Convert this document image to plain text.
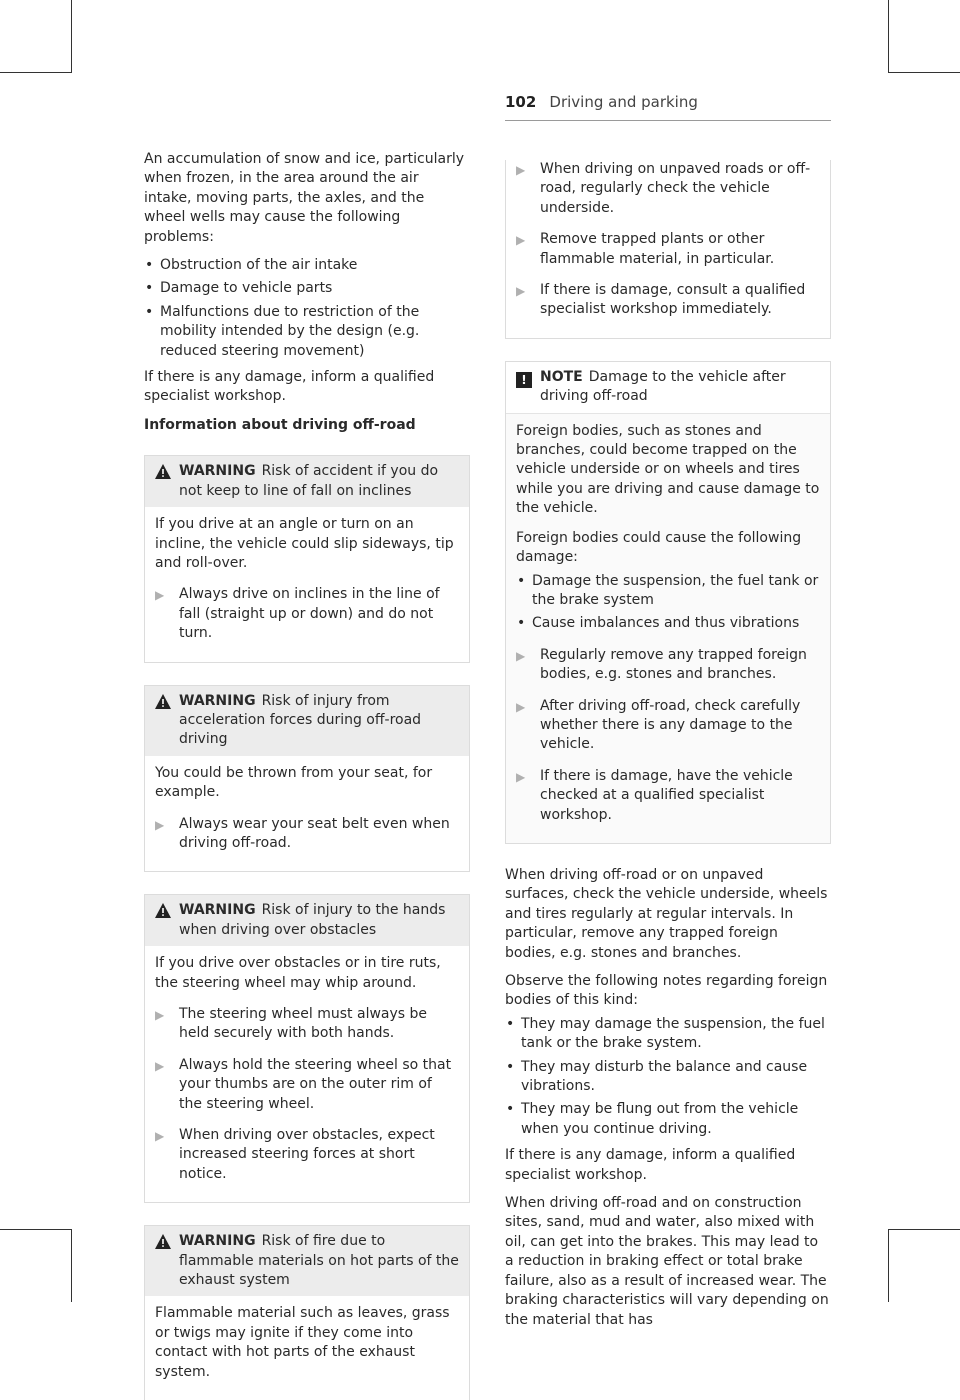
102 Driving and parking

An accumulation of snow and ice, particularly when frozen, in the area around the air intake, moving parts, the axles, and the wheel wells may cause the following problems:

• Obstruction of the air intake
• Damage to vehicle parts
• Malfunctions due to restriction of the mobility intended by the design (e.g. reduced steering movement)

If there is any damage, inform a qualified specialist workshop.

Information about driving off-road

WARNING Risk of accident if you do not keep to line of fall on inclines

If you drive at an angle or turn on an incline, the vehicle could slip sideways, tip and roll-over.

▶	Always drive on inclines in the line of fall (straight up or down) and do not turn.
WARNING Risk of injury from acceleration forces during off-road driving

You could be thrown from your seat, for example.

▶	Always wear your seat belt even when driving off-road.
WARNING Risk of injury to the hands when driving over obstacles

If you drive over obstacles or in tire ruts, the steering wheel may whip around.

▶	The steering wheel must always be held securely with both hands.
▶	Always hold the steering wheel so that your thumbs are on the outer rim of the steering wheel.
▶	When driving over obstacles, expect increased steering forces at short notice.
WARNING Risk of fire due to flammable materials on hot parts of the exhaust system

Flammable material such as leaves, grass or twigs may ignite if they come into contact with hot parts of the exhaust system.

▶	When driving on unpaved roads or off-road, regularly check the vehicle underside.
▶	Remove trapped plants or other flammable material, in particular.
▶	If there is damage, consult a qualified specialist workshop immediately.
! NOTE Damage to the vehicle after driving off-road

Foreign bodies, such as stones and branches, could become trapped on the vehicle underside or on wheels and tires while you are driving and cause damage to the vehicle.

Foreign bodies could cause the following damage:

• Damage the suspension, the fuel tank or the brake system
• Cause imbalances and thus vibrations
▶	Regularly remove any trapped foreign bodies, e.g. stones and branches.
▶	After driving off-road, check carefully whether there is any damage to the vehicle.
▶	If there is damage, have the vehicle checked at a qualified specialist workshop.

When driving off-road or on unpaved surfaces, check the vehicle underside, wheels and tires regularly at regular intervals. In particular, remove any trapped foreign bodies, e.g. stones and branches.

Observe the following notes regarding foreign bodies of this kind:

• They may damage the suspension, the fuel tank or the brake system.
• They may disturb the balance and cause vibrations.
• They may be flung out from the vehicle when you continue driving.

If there is any damage, inform a qualified specialist workshop.

When driving off-road and on construction sites, sand, mud and water, also mixed with oil, can get into the brakes. This may lead to a reduction in braking effect or total brake failure, also as a result of increased wear. The braking characteristics will vary depending on the material that has
